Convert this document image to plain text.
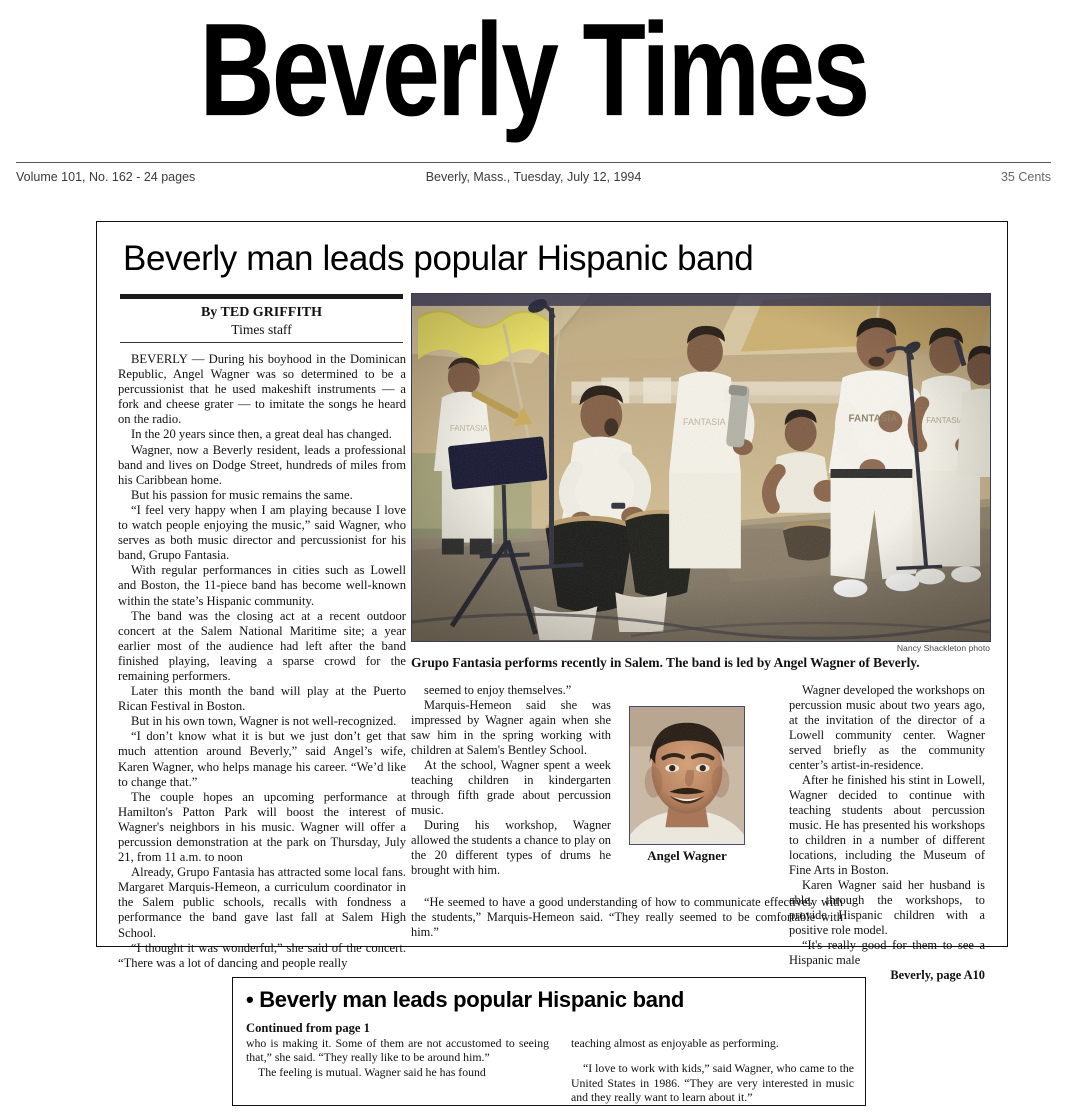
Beverly Times
Volume 101, No. 162 - 24 pages	Beverly, Mass., Tuesday, July 12, 1994	35 Cents
Beverly man leads popular Hispanic band
By TED GRIFFITH
Times staff

BEVERLY — During his boyhood in the Dominican Republic, Angel Wagner was so determined to be a percussionist that he used makeshift instruments — a fork and cheese grater — to imitate the songs he heard on the radio.

In the 20 years since then, a great deal has changed.

Wagner, now a Beverly resident, leads a professional band and lives on Dodge Street, hundreds of miles from his Caribbean home.

But his passion for music remains the same.

“I feel very happy when I am playing because I love to watch people enjoying the music,” said Wagner, who serves as both music director and percussionist for his band, Grupo Fantasia.

With regular performances in cities such as Lowell and Boston, the 11-piece band has become well-known within the state’s Hispanic community.

The band was the closing act at a recent outdoor concert at the Salem National Maritime site; a year earlier most of the audience had left after the band finished playing, leaving a sparse crowd for the remaining performers.

Later this month the band will play at the Puerto Rican Festival in Boston.

But in his own town, Wagner is not well-recognized.

“I don’t know what it is but we just don’t get that much attention around Beverly,” said Angel’s wife, Karen Wagner, who helps manage his career. “We’d like to change that.”

The couple hopes an upcoming performance at Hamilton's Patton Park will boost the interest of Wagner's neighbors in his music. Wagner will offer a percussion demonstration at the park on Thursday, July 21, from 11 a.m. to noon

Already, Grupo Fantasia has attracted some local fans. Margaret Marquis-Hemeon, a curriculum coordinator in the Salem public schools, recalls with fondness a performance the band gave last fall at Salem High School.

“I thought it was wonderful,” she said of the concert. “There was a lot of dancing and people really

Nancy Shackleton photo
Grupo Fantasia performs recently in Salem. The band is led by Angel Wagner of Beverly.

seemed to enjoy themselves.”

Marquis-Hemeon said she was impressed by Wagner again when she saw him in the spring working with children at Salem's Bentley School.

At the school, Wagner spent a week teaching children in kindergarten through fifth grade about percussion music.

During his workshop, Wagner allowed the students a chance to play on the 20 different types of drums he brought with him.

“He seemed to have a good understanding of how to communicate effectively with the students,” Marquis-Hemeon said. “They really seemed to be comfortable with him.”

Angel Wagner

Wagner developed the workshops on percussion music about two years ago, at the invitation of the director of a Lowell community center. Wagner served briefly as the community center’s artist-in-residence.

After he finished his stint in Lowell, Wagner decided to continue with teaching students about percussion music. He has presented his workshops to children in a number of different locations, including the Museum of Fine Arts in Boston.

Karen Wagner said her husband is able, through the workshops, to provide Hispanic children with a positive role model.

“It's really good for them to see a Hispanic male

Beverly, page A10

• Beverly man leads popular Hispanic band
Continued from page 1

who is making it. Some of them are not accustomed to seeing that,” she said. “They really like to be around him.”

The feeling is mutual. Wagner said he has found

teaching almost as enjoyable as performing.

“I love to work with kids,” said Wagner, who came to the United States in 1986. “They are very interested in music and they really want to learn about it.”
